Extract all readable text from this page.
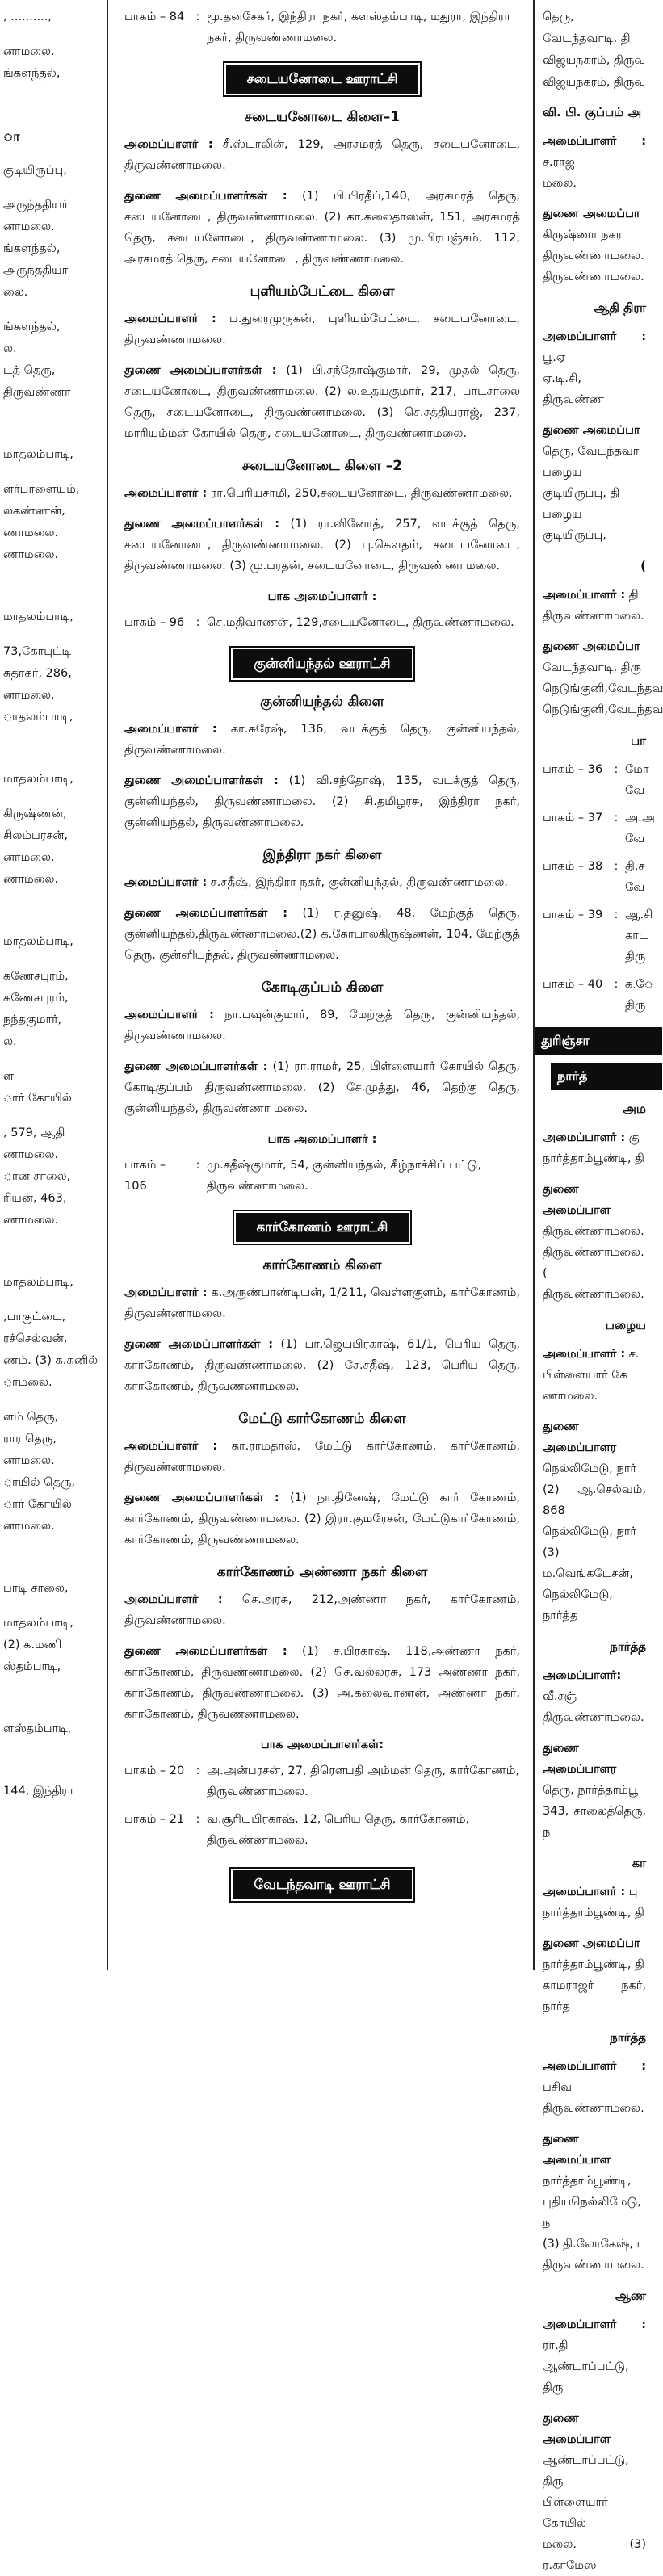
, ..........,
னாமலை.
ங்களந்தல்,
ா
குடியிருப்பு,
அருந்ததியர்
னாமலை.
ங்களந்தல்,
அருந்ததியர்
லை.
ங்களந்தல்,
ல.
டத் தெரு,
திருவண்ணா
மாதலம்பாடி,
ளர்பாளையம்,
லகண்ணன்,
ணாமலை.
ணாமலை.
மாதலம்பாடி,
73,கோபுட்டி
சுதாகர், 286,
னாமலை.
ாதலம்பாடி,
மாதலம்பாடி,
கிருஷ்ணன்,
சிலம்பரசன்,
னாமலை.
ணாமலை.
மாதலம்பாடி,
கணேசபுரம்,
கணேசபுரம்,
நந்தகுமார்,
ல.
ள
ார் கோயில்
, 579, ஆதி
ணாமலை.
ான சாலை,
ரியன், 463,
ணாமலை.
மாதலம்பாடி,
,பாகுட்டை,
ரச்செல்வன்,
ணம். (3) க.சுனில்
ாமலை.
ளம் தெரு,
ரார தெரு,
னாமலை.
ாயில் தெரு,
ார் கோயில்
னாமலை.
பாடி சாலை,
மாதலம்பாடி,
(2) க.மணி
ஸ்தம்பாடி,
ளஸ்தம்பாடி,
144, இந்திரா
பாகம் – 84 : மூ.தனசேகர், இந்திரா நகர், களஸ்தம்பாடி, மதுரா, இந்திரா நகர், திருவண்ணாமலை.
சடையனோடை ஊராட்சி
சடையனோடை கிளை–1

அமைப்பாளர் : சீ.ஸ்டாலின், 129, அரசமரத் தெரு, சடையனோடை, திருவண்ணாமலை.

துணை அமைப்பாளர்கள் : (1) பி.பிரதீப்,140, அரசமரத் தெரு, சடையனோடை, திருவண்ணாமலை. (2) கா.கலைதாஸன், 151, அரசமரத் தெரு, சடையனோடை, திருவண்ணாமலை. (3) மு.பிரபஞ்சம், 112, அரசமரத் தெரு, சடையனோடை, திருவண்ணாமலை.

புளியம்பேட்டை கிளை

அமைப்பாளர் : ப.துரைமுருகன், புளியம்பேட்டை, சடையனோடை, திருவண்ணாமலை.

துணை அமைப்பாளர்கள் : (1) பி.சந்தோஷ்குமார், 29, முதல் தெரு, சடையனோடை, திருவண்ணாமலை. (2) ல.உதயகுமார், 217, பாடசாலை தெரு, சடையனோடை, திருவண்ணாமலை. (3) செ.சத்தியராஜ், 237, மாரியம்மன் கோயில் தெரு, சடையனோடை, திருவண்ணாமலை.

சடையனோடை கிளை –2

அமைப்பாளர் : ரா.பெரியசாமி, 250,சடையனோடை, திருவண்ணாமலை.

துணை அமைப்பாளர்கள் : (1) ரா.வினோத், 257, வடக்குத் தெரு, சடையனோடை, திருவண்ணாமலை. (2) பு.கௌதம், சடையனோடை, திருவண்ணாமலை. (3) மு.பரதன், சடையனோடை, திருவண்ணாமலை.

பாக அமைப்பாளர் :
பாகம் – 96 : செ.மதிவாணன், 129,சடையனோடை, திருவண்ணாமலை.
குன்னியந்தல் ஊராட்சி
குன்னியந்தல் கிளை

அமைப்பாளர் : கா.சுரேஷ், 136, வடக்குத் தெரு, குன்னியந்தல், திருவண்ணாமலை.

துணை அமைப்பாளர்கள் : (1) வி.சந்தோஷ், 135, வடக்குத் தெரு, குன்னியந்தல், திருவண்ணாமலை. (2) சி.தமிழரசு, இந்திரா நகர், குன்னியந்தல், திருவண்ணாமலை.

இந்திரா நகர் கிளை

அமைப்பாளர் : ச.சதீஷ், இந்திரா நகர், குன்னியந்தல், திருவண்ணாமலை.

துணை அமைப்பாளர்கள் : (1) ர.தனுஷ், 48, மேற்குத் தெரு, குன்னியந்தல்,திருவண்ணாமலை.(2) க.கோபாலகிருஷ்ணன், 104, மேற்குத் தெரு, குன்னியந்தல், திருவண்ணாமலை.

கோடிகுப்பம் கிளை

அமைப்பாளர் : நா.பவுன்குமார், 89, மேற்குத் தெரு, குன்னியந்தல், திருவண்ணாமலை.

துணை அமைப்பாளர்கள் : (1) ரா.ராமர், 25, பிள்ளையார் கோயில் தெரு, கோடிகுப்பம் திருவண்ணாமலை. (2) சே.முத்து, 46, தெற்கு தெரு, குன்னியந்தல், திருவண்ணா மலை.

பாக அமைப்பாளர் :
பாகம் – 106
: மு.சதீஷ்குமார், 54, குன்னியந்தல், கீழ்நாச்சிப் பட்டு, திருவண்ணாமலை.
கார்கோணம் ஊராட்சி
கார்கோணம் கிளை

அமைப்பாளர் : க.அருண்பாண்டியன், 1/211, வெள்ளகுளம், கார்கோணம், திருவண்ணாமலை.

துணை அமைப்பாளர்கள் : (1) பா.ஜெயபிரகாஷ், 61/1, பெரிய தெரு, கார்கோணம், திருவண்ணாமலை. (2) சே.சதீஷ், 123, பெரிய தெரு, கார்கோணம், திருவண்ணாமலை.

மேட்டு கார்கோணம் கிளை

அமைப்பாளர் : கா.ராமதாஸ், மேட்டு கார்கோணம், கார்கோணம், திருவண்ணாமலை.

துணை அமைப்பாளர்கள் : (1) நா.தினேஷ், மேட்டு கார் கோணம், கார்கோணம், திருவண்ணாமலை. (2) இரா.குமரேசன், மேட்டுகார்கோணம், கார்கோணம், திருவண்ணாமலை.

கார்கோணம் அண்ணா நகர் கிளை

அமைப்பாளர் : செ.அரசு, 212,அண்ணா நகர், கார்கோணம், திருவண்ணாமலை.

துணை அமைப்பாளர்கள் : (1) ச.பிரகாஷ், 118,அண்ணா நகர், கார்கோணம், திருவண்ணாமலை. (2) செ.வல்லரசு, 173 அண்ணா நகர், கார்கோணம், திருவண்ணாமலை. (3) அ.கலைவாணன், அண்ணா நகர், கார்கோணம், திருவண்ணாமலை.

பாக அமைப்பாளர்கள்:
பாகம் – 20 : அ.அன்பரசன், 27, திரௌபதி அம்மன் தெரு, கார்கோணம், திருவண்ணாமலை.
பாகம் – 21 : வ.சூரியபிரகாஷ், 12, பெரிய தெரு, கார்கோணம், திருவண்ணாமலை.
வேடந்தவாடி ஊராட்சி
தெரு, வேடந்தவாடி, தி
விஜயநகரம், திருவ
விஜயநகரம், திருவ
வி. பி. குப்பம் அ

அமைப்பாளர் : ச.ராஜ
மலை.

துணை அமைப்பா
கிருஷ்ணா நகர
திருவண்ணாமலை.
திருவண்ணாமலை.

ஆதி திரா

அமைப்பாளர் : பூ.ஏ
ஏ.டி.சி, திருவண்ண

துணை அமைப்பா
தெரு, வேடந்தவா
பழைய குடியிருப்பு, தி
பழைய குடியிருப்பு,

(

அமைப்பாளர் : தி
திருவண்ணாமலை.

துணை அமைப்பா
வேடந்தவாடி, திரு
நெடுங்குனி,வேடந்தவ
நெடுங்குனி,வேடந்தவ

பா
பாகம் – 36 : மோ
வே
பாகம் – 37 : அ.அ
வே
பாகம் – 38 : தி.ச
வே
பாகம் – 39 : ஆ.சி
காட
திரு
பாகம் – 40 : க.ே
திரு
துரிஞ்சா
நார்த்
அம

அமைப்பாளர் : கு
நார்த்தாம்பூண்டி, தி

துணை அமைப்பாள
திருவண்ணாமலை.
திருவண்ணாமலை.(
திருவண்ணாமலை.

பழைய

அமைப்பாளர் : ச.
பிள்ளையார் கே
ணாமலை.

துணை அமைப்பாளர
நெல்லிமேடு, நார்
(2) ஆ.செல்வம், 868
நெல்லிமேடு, நார்
(3) ம.வெங்கடேசன்,
நெல்லிமேடு, நார்த்த

நார்த்த

அமைப்பாளர்: வீ.சஞ்
திருவண்ணாமலை.

துணை அமைப்பாளர
தெரு, நார்த்தாம்பூ
343, சாலைத்தெரு, ந

கா

அமைப்பாளர் : பு
நார்த்தாம்பூண்டி, தி

துணை அமைப்பா
நார்த்தாம்பூண்டி, தி
காமராஜர் நகர், நார்த

நார்த்த

அமைப்பாளர் : பசிவ
திருவண்ணாமலை.

துணை அமைப்பாள
நார்த்தாம்பூண்டி,
புதியநெல்லிமேடு, ந
(3) தி.லோகேஷ், ப
திருவண்ணாமலை.

ஆண

அமைப்பாளர் : ரா.தி
ஆண்டாப்பட்டு, திரு

துணை அமைப்பாள
ஆண்டாப்பட்டு, திரு
பிள்ளையார் கோயில்
மலை. (3) ர.காமேஸ்
